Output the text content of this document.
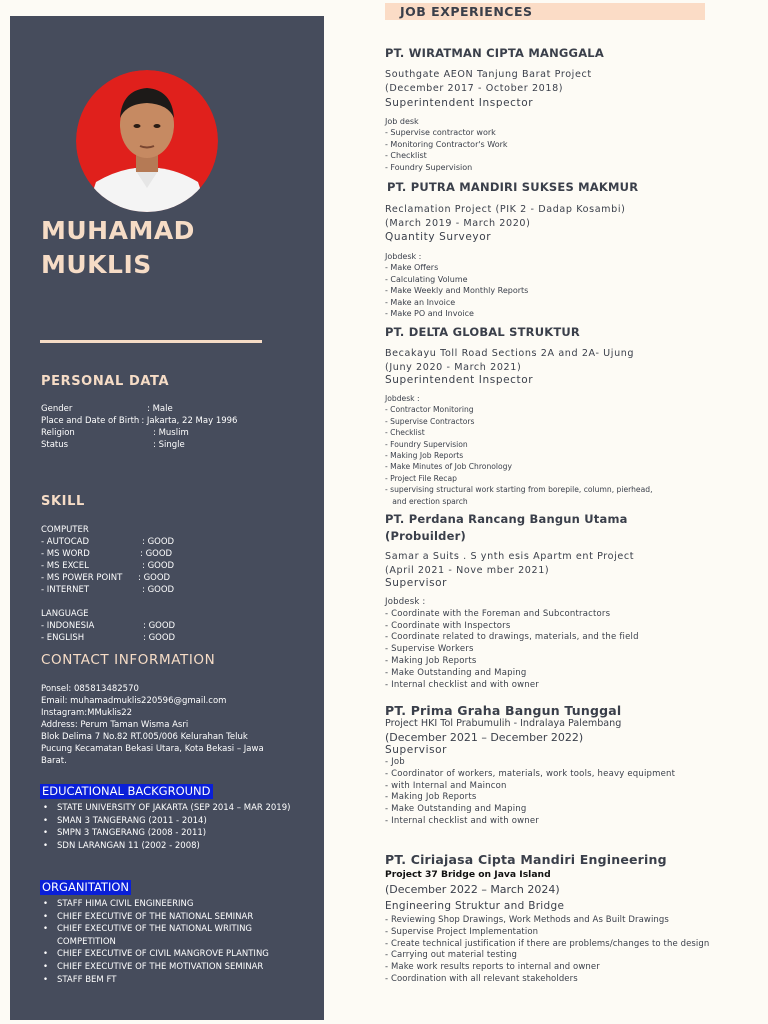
MUHAMAD
MUKLIS
PERSONAL DATA
Gender	: Male
Place and Date of Birth : Jakarta, 22 May 1996
Religion	: Muslim
Status	: Single
SKILL
COMPUTER
- AUTOCAD	: GOOD
- MS WORD	: GOOD
- MS EXCEL	: GOOD
- MS POWER POINT	: GOOD
- INTERNET	: GOOD
LANGUAGE
- INDONESIA	: GOOD
- ENGLISH	: GOOD
CONTACT INFORMATION
Ponsel: 085813482570
Email: muhamadmuklis220596@gmail.com
Instagram:MMuklis22
Address: Perum Taman Wisma Asri
Blok Delima 7 No.82 RT.005/006 Kelurahan Teluk
Pucung Kecamatan Bekasi Utara, Kota Bekasi – Jawa
Barat.
EDUCATIONAL BACKGROUND
• STATE UNIVERSITY OF JAKARTA (SEP 2014 – MAR 2019)
• SMAN 3 TANGERANG (2011 - 2014)
• SMPN 3 TANGERANG (2008 - 2011)
• SDN LARANGAN 11 (2002 - 2008)
ORGANITATION
• STAFF HIMA CIVIL ENGINEERING
• CHIEF EXECUTIVE OF THE NATIONAL SEMINAR
• CHIEF EXECUTIVE OF THE NATIONAL WRITING COMPETITION
• CHIEF EXECUTIVE OF CIVIL MANGROVE PLANTING
• CHIEF EXECUTIVE OF THE MOTIVATION SEMINAR
• STAFF BEM FT
JOB EXPERIENCES
PT. WIRATMAN CIPTA MANGGALA
Southgate AEON Tanjung Barat Project
(December 2017 - October 2018)
Superintendent Inspector
Job desk
- Supervise contractor work
- Monitoring Contractor's Work
- Checklist
- Foundry Supervision
PT. PUTRA MANDIRI SUKSES MAKMUR
Reclamation Project (PIK 2 - Dadap Kosambi)
(March 2019 - March 2020)
Quantity Surveyor
Jobdesk :
- Make Offers
- Calculating Volume
- Make Weekly and Monthly Reports
- Make an Invoice
- Make PO and Invoice
PT. DELTA GLOBAL STRUKTUR
Becakayu Toll Road Sections 2A and 2A- Ujung
(Juny 2020 - March 2021)
Superintendent Inspector
Jobdesk :
- Contractor Monitoring
- Supervise Contractors
- Checklist
- Foundry Supervision
- Making Job Reports
- Make Minutes of Job Chronology
- Project File Recap
- supervising structural work starting from borepile, column, pierhead,
and erection sparch
PT. Perdana Rancang Bangun Utama
(Probuilder)
Samar a Suits . S ynth esis Apartm ent Project
(April 2021 - Nove mber 2021)
Supervisor
Jobdesk :
- Coordinate with the Foreman and Subcontractors
- Coordinate with Inspectors
- Coordinate related to drawings, materials, and the field
- Supervise Workers
- Making Job Reports
- Make Outstanding and Maping
- Internal checklist and with owner
PT. Prima Graha Bangun Tunggal
Project HKI Tol Prabumulih - Indralaya Palembang
(December 2021 – December 2022)
Supervisor
- Job
- Coordinator of workers, materials, work tools, heavy equipment
- with Internal and Maincon
- Making Job Reports
- Make Outstanding and Maping
- Internal checklist and with owner
PT. Ciriajasa Cipta Mandiri Engineering
Project 37 Bridge on Java Island
(December 2022 – March 2024)
Engineering Struktur and Bridge
- Reviewing Shop Drawings, Work Methods and As Built Drawings
- Supervise Project Implementation
- Create technical justification if there are problems/changes to the design
- Carrying out material testing
- Make work results reports to internal and owner
- Coordination with all relevant stakeholders
